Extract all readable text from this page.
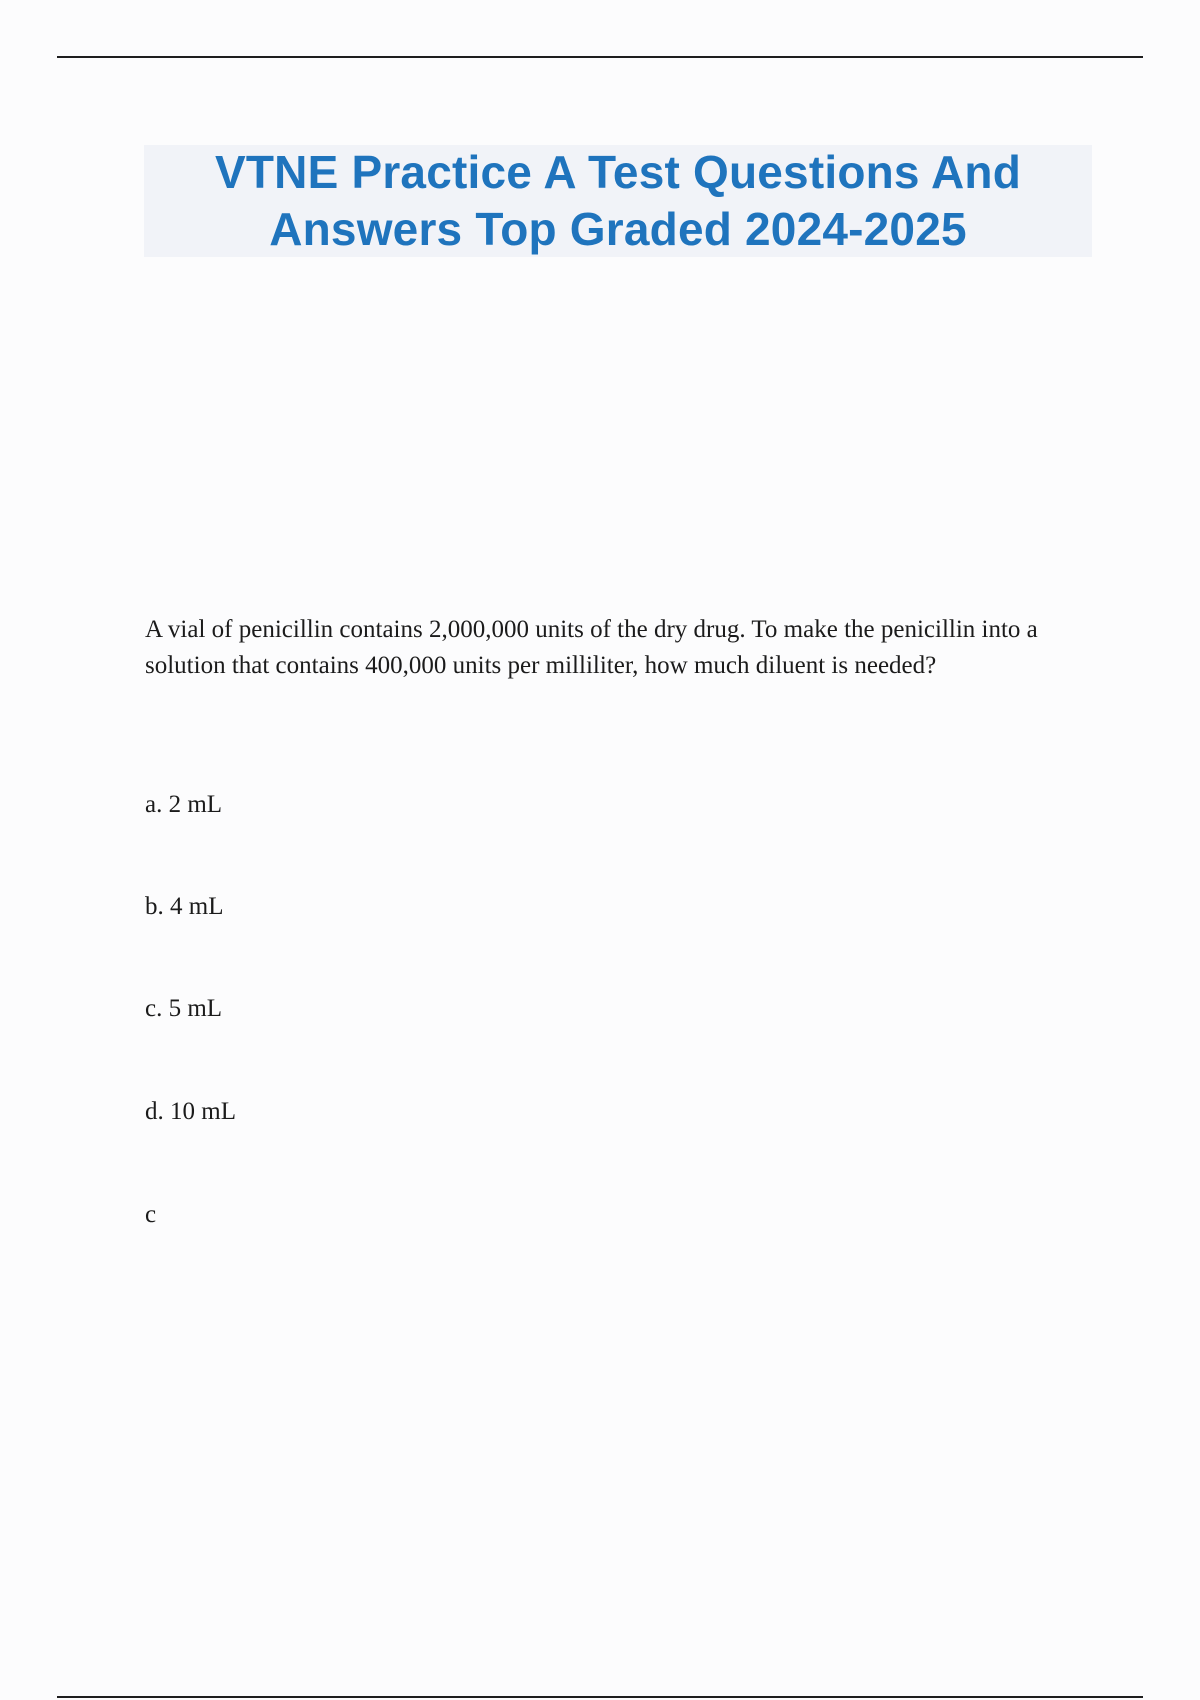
VTNE Practice A Test Questions And Answers Top Graded 2024-2025

A vial of penicillin contains 2,000,000 units of the dry drug. To make the penicillin into a solution that contains 400,000 units per milliliter, how much diluent is needed?

a. 2 mL

b. 4 mL

c. 5 mL

d. 10 mL

c
